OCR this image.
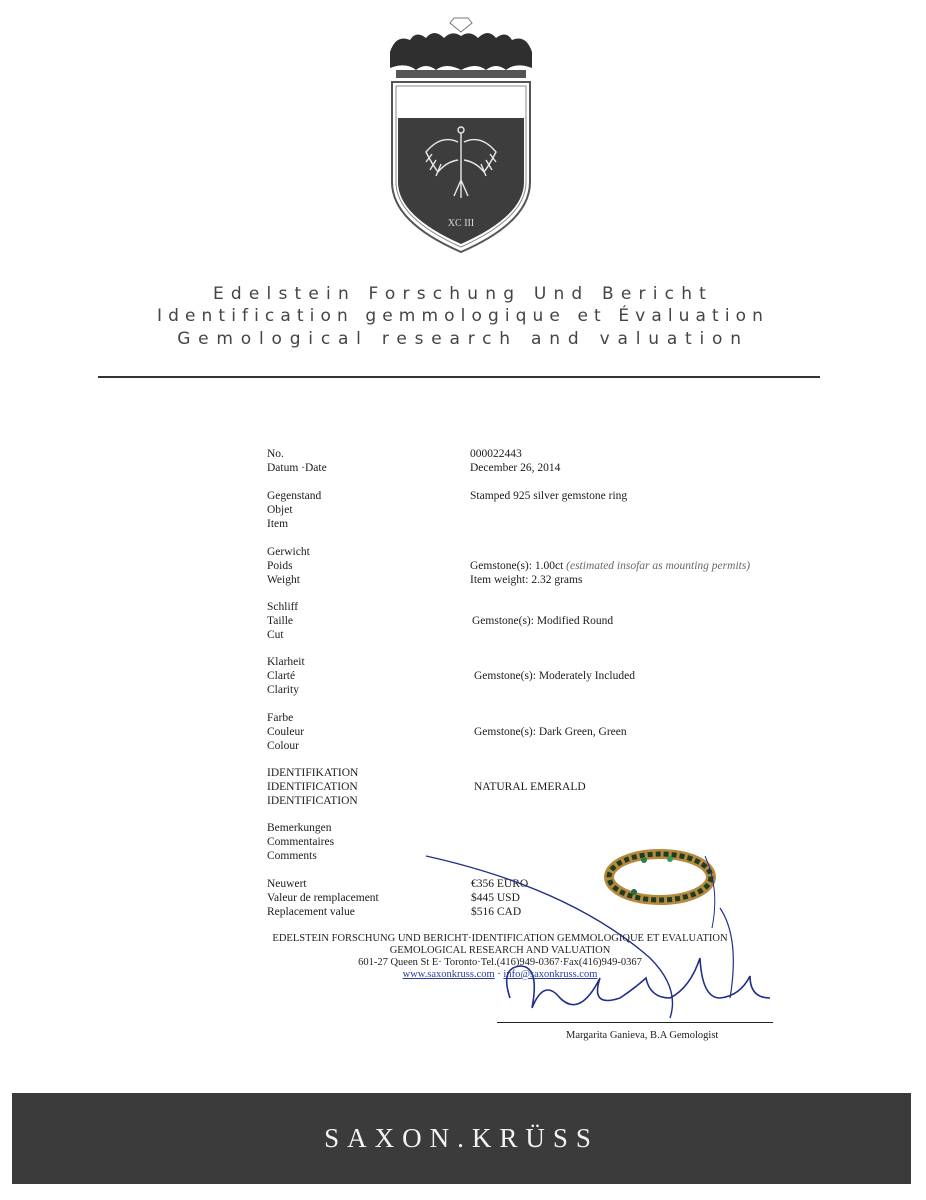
XC III
Edelstein Forschung Und Bericht
Identification gemmologique et Évaluation
Gemological research and valuation
No.	000022443
Datum ·Date	December 26, 2014
Gegenstand
Objet
Item
Stamped 925 silver gemstone ring
Gerwicht
Poids
Weight
Gemstone(s): 1.00ct (estimated insofar as mounting permits)
Item weight: 2.32 grams
Schliff
Taille
Cut
Gemstone(s): Modified Round
Klarheit
Clarté
Clarity
Gemstone(s): Moderately Included
Farbe
Couleur
Colour
Gemstone(s): Dark Green, Green
IDENTIFIKATION
IDENTIFICATION
IDENTIFICATION
NATURAL EMERALD
Bemerkungen
Commentaires
Comments
Neuwert
Valeur de remplacement
Replacement value
€356 EURO
$445 USD
$516 CAD
EDELSTEIN FORSCHUNG UND BERICHT·IDENTIFICATION GEMMOLOGIQUE ET EVALUATION
GEMOLOGICAL RESEARCH AND VALUATION
601-27 Queen St E· Toronto·Tel.(416)949-0367·Fax(416)949-0367
www.saxonkruss.com · info@saxonkruss.com
Margarita Ganieva, B.A Gemologist
SAXON.KRÜSS
